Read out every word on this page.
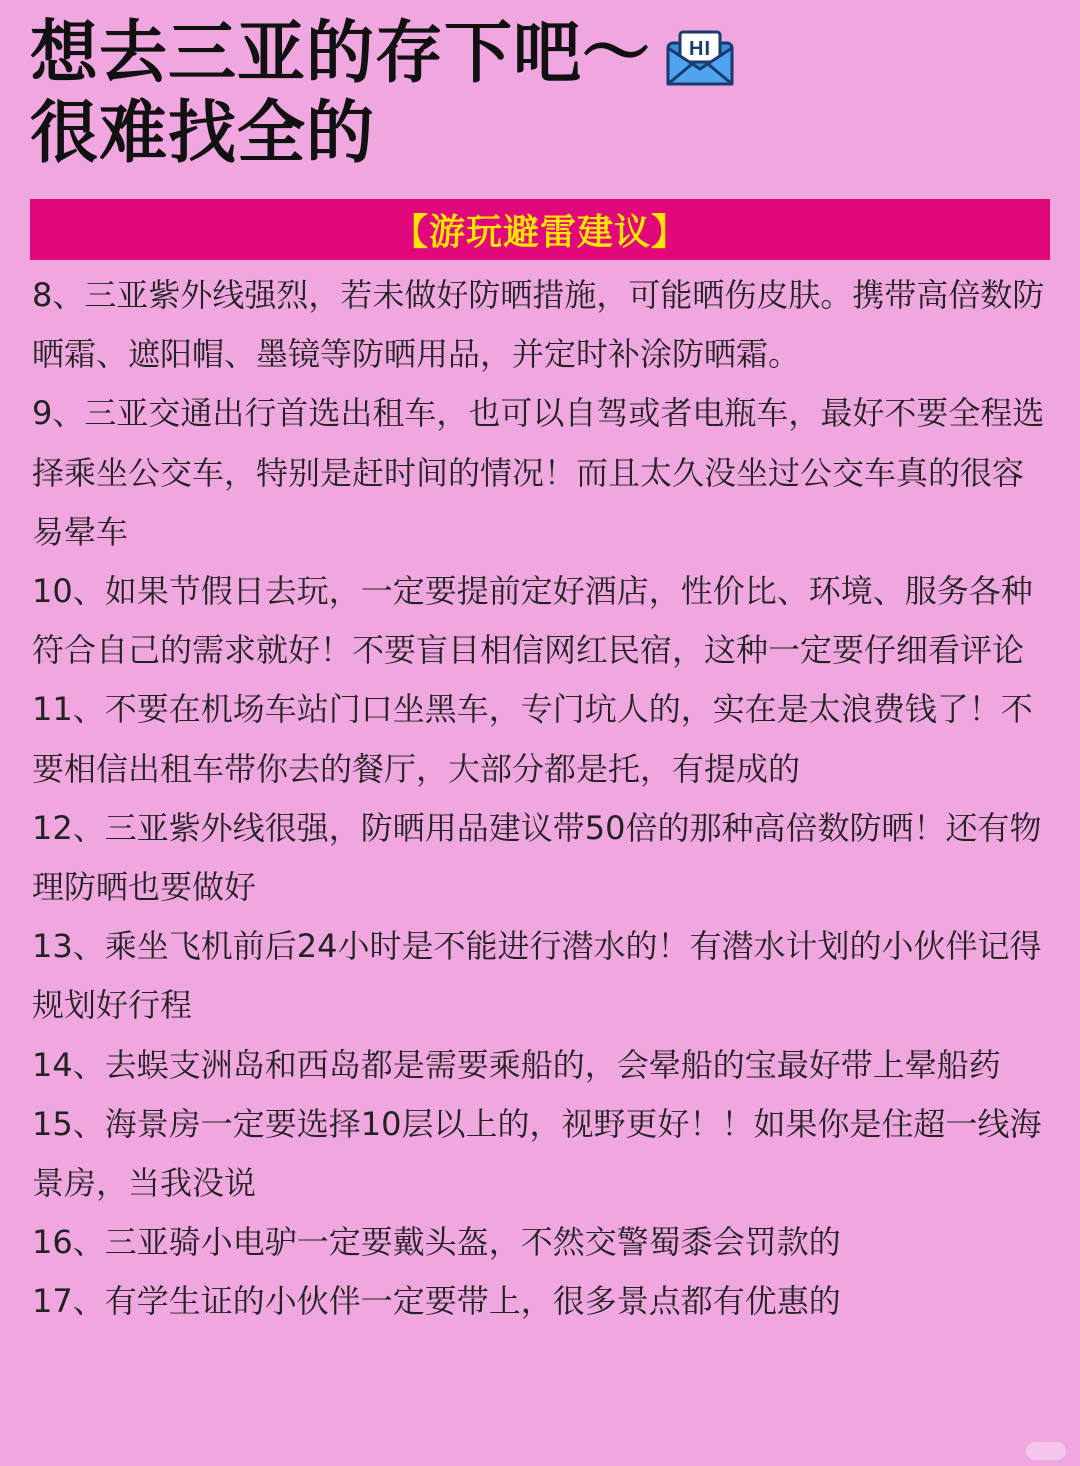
想去三亚的存下吧～ HI
很难找全的
【游玩避雷建议】

8、三亚紫外线强烈，若未做好防晒措施，可能晒伤皮肤。携带高倍数防晒霜、遮阳帽、墨镜等防晒用品，并定时补涂防晒霜。

9、三亚交通出行首选出租车，也可以自驾或者电瓶车，最好不要全程选择乘坐公交车，特别是赶时间的情况！而且太久没坐过公交车真的很容易晕车

10、如果节假日去玩，一定要提前定好酒店，性价比、环境、服务各种符合自己的需求就好！不要盲目相信网红民宿，这种一定要仔细看评论

11、不要在机场车站门口坐黑车，专门坑人的，实在是太浪费钱了！不要相信出租车带你去的餐厅，大部分都是托，有提成的

12、三亚紫外线很强，防晒用品建议带50倍的那种高倍数防晒！还有物理防晒也要做好

13、乘坐飞机前后24小时是不能进行潜水的！有潜水计划的小伙伴记得规划好行程

14、去蜈支洲岛和西岛都是需要乘船的，会晕船的宝最好带上晕船药

15、海景房一定要选择10层以上的，视野更好！！如果你是住超一线海景房，当我没说

16、三亚骑小电驴一定要戴头盔，不然交警蜀黍会罚款的

17、有学生证的小伙伴一定要带上，很多景点都有优惠的
